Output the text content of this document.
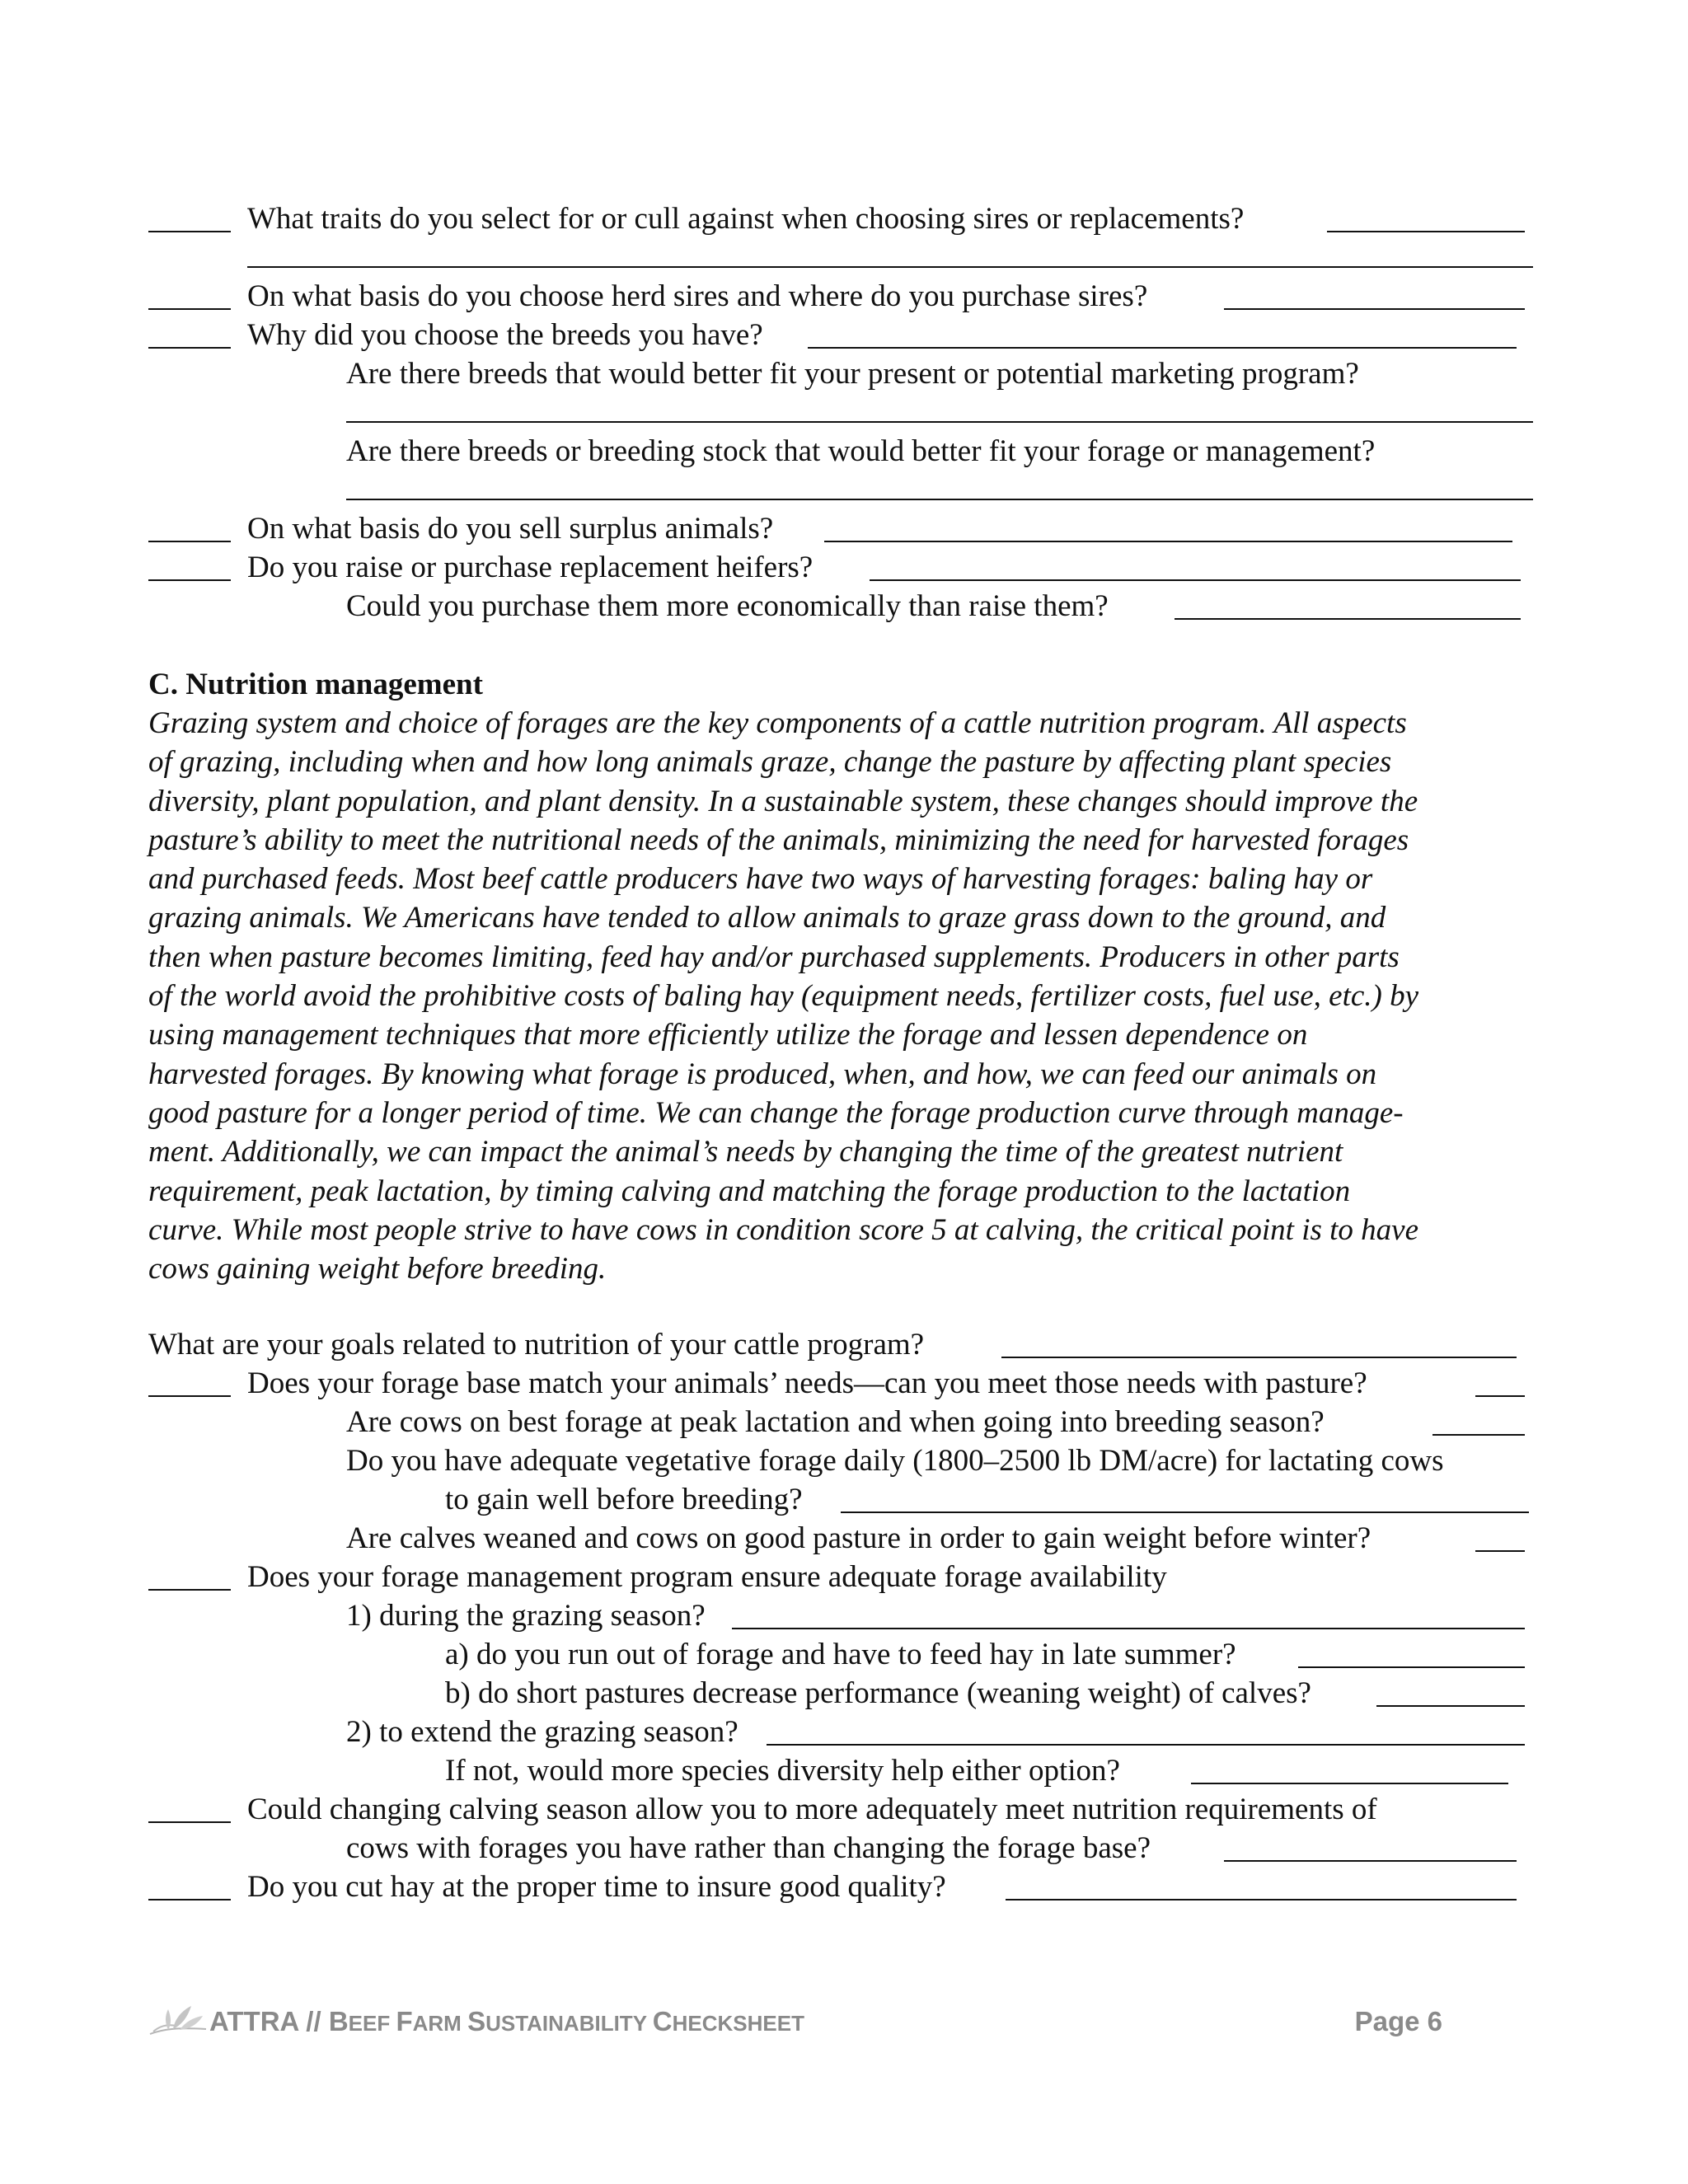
What traits do you select for or cull against when choosing sires or replacements?
On what basis do you choose herd sires and where do you purchase sires?
Why did you choose the breeds you have?
Are there breeds that would better fit your present or potential marketing program?
Are there breeds or breeding stock that would better fit your forage or management?
On what basis do you sell surplus animals?
Do you raise or purchase replacement heifers?
Could you purchase them more economically than raise them?
C. Nutrition management
Grazing system and choice of forages are the key components of a cattle nutrition program. All aspects
of grazing, including when and how long animals graze, change the pasture by affecting plant species
diversity, plant population, and plant density. In a sustainable system, these changes should improve the
pasture’s ability to meet the nutritional needs of the animals, minimizing the need for harvested forages
and purchased feeds. Most beef cattle producers have two ways of harvesting forages: baling hay or
grazing animals. We Americans have tended to allow animals to graze grass down to the ground, and
then when pasture becomes limiting, feed hay and/or purchased supplements. Producers in other parts
of the world avoid the prohibitive costs of baling hay (equipment needs, fertilizer costs, fuel use, etc.) by
using management techniques that more efficiently utilize the forage and lessen dependence on
harvested forages. By knowing what forage is produced, when, and how, we can feed our animals on
good pasture for a longer period of time. We can change the forage production curve through manage-
ment. Additionally, we can impact the animal’s needs by changing the time of the greatest nutrient
requirement, peak lactation, by timing calving and matching the forage production to the lactation
curve. While most people strive to have cows in condition score 5 at calving, the critical point is to have
cows gaining weight before breeding.
What are your goals related to nutrition of your cattle program?
Does your forage base match your animals’ needs—can you meet those needs with pasture?
Are cows on best forage at peak lactation and when going into breeding season?
Do you have adequate vegetative forage daily (1800–2500 lb DM/acre) for lactating cows
to gain well before breeding?
Are calves weaned and cows on good pasture in order to gain weight before winter?
Does your forage management program ensure adequate forage availability
1) during the grazing season?
a) do you run out of forage and have to feed hay in late summer?
b) do short pastures decrease performance (weaning weight) of calves?
2) to extend the grazing season?
If not, would more species diversity help either option?
Could changing calving season allow you to more adequately meet nutrition requirements of
cows with forages you have rather than changing the forage base?
Do you cut hay at the proper time to insure good quality?
ATTRA // BEEF FARM SUSTAINABILITY CHECKSHEET	Page 6
